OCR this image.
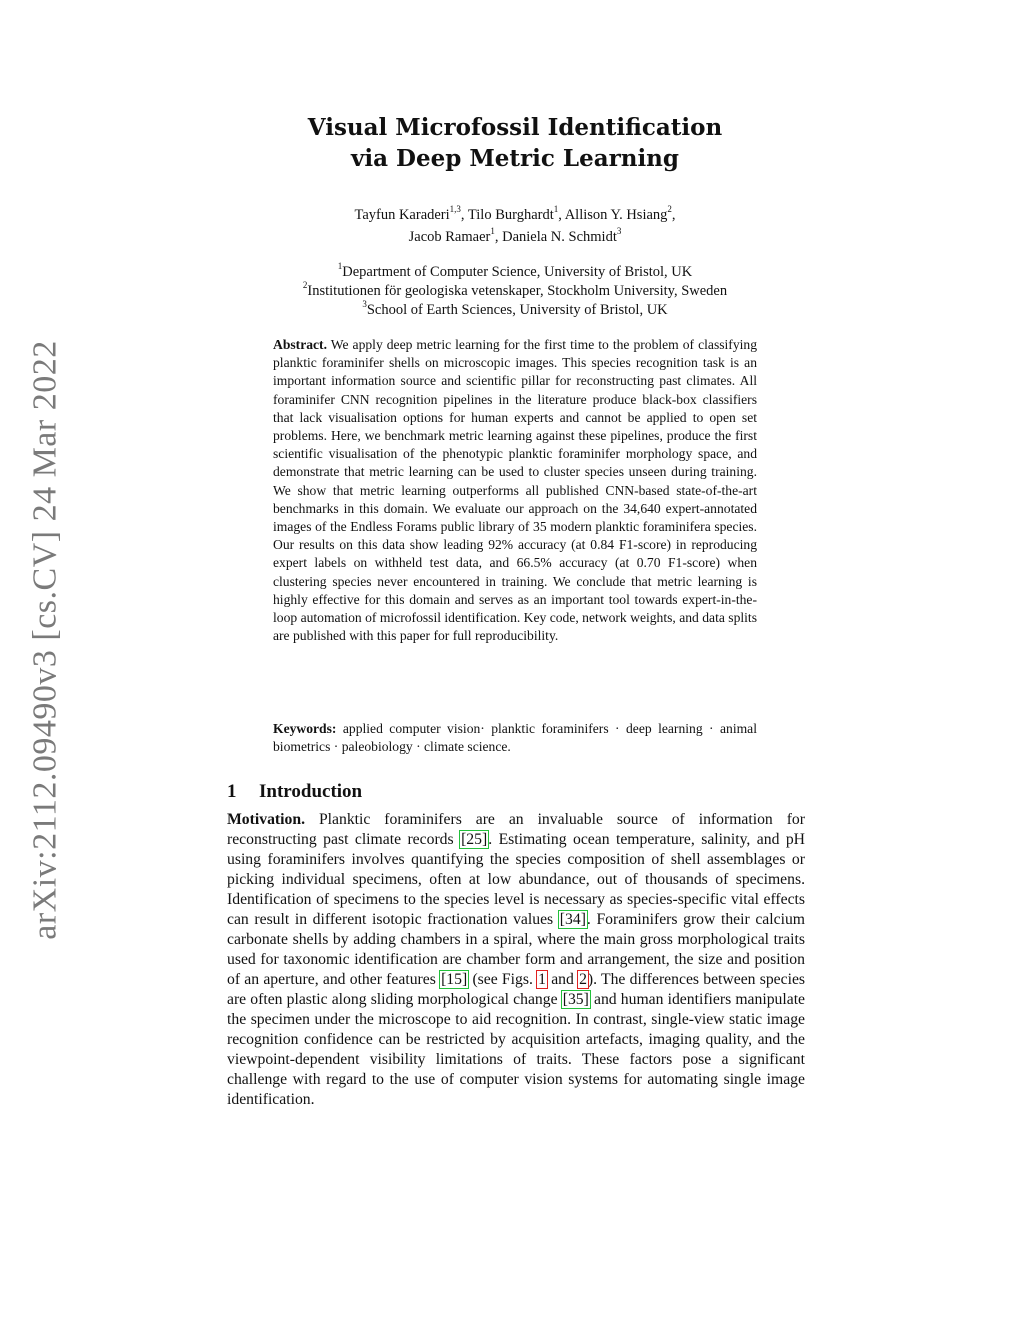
arXiv:2112.09490v3 [cs.CV] 24 Mar 2022
Visual Microfossil Identification
via Deep Metric Learning
Tayfun Karaderi$^{1,3}$, Tilo Burghardt$^1$, Allison Y. Hsiang$^2$,
Jacob Ramaer$^1$, Daniela N. Schmidt$^3$
$^1$Department of Computer Science, University of Bristol, UK
$^2$Institutionen för geologiska vetenskaper, Stockholm University, Sweden
$^3$School of Earth Sciences, University of Bristol, UK
Abstract. We apply deep metric learning for the first time to the problem of classifying planktic foraminifer shells on microscopic images. This species recognition task is an important information source and scientific pillar for reconstructing past climates. All foraminifer CNN recognition pipelines in the literature produce black-box classifiers that lack visualisation options for human experts and cannot be applied to open set problems. Here, we benchmark metric learning against these pipelines, produce the first scientific visualisation of the phenotypic planktic foraminifer morphology space, and demonstrate that metric learning can be used to cluster species unseen during training. We show that metric learning outperforms all published CNN-based state-of-the-art benchmarks in this domain. We evaluate our approach on the 34,640 expert-annotated images of the Endless Forams public library of 35 modern planktic foraminifera species. Our results on this data show leading 92% accuracy (at 0.84 F1-score) in reproducing expert labels on withheld test data, and 66.5% accuracy (at 0.70 F1-score) when clustering species never encountered in training. We conclude that metric learning is highly effective for this domain and serves as an important tool towards expert-in-the-loop automation of microfossil identification. Key code, network weights, and data splits are published with this paper for full reproducibility.
Keywords: applied computer vision· planktic foraminifers · deep learning · animal biometrics · paleobiology · climate science.
1 Introduction
Motivation. Planktic foraminifers are an invaluable source of information for reconstructing past climate records [25]. Estimating ocean temperature, salinity, and pH using foraminifers involves quantifying the species composition of shell assemblages or picking individual specimens, often at low abundance, out of thousands of specimens. Identification of specimens to the species level is necessary as species-specific vital effects can result in different isotopic fractionation values [34]. Foraminifers grow their calcium carbonate shells by adding chambers in a spiral, where the main gross morphological traits used for taxonomic identification are chamber form and arrangement, the size and position of an aperture, and other features [15] (see Figs. 1 and 2). The differences between species are often plastic along sliding morphological change [35] and human identifiers manipulate the specimen under the microscope to aid recognition. In contrast, single-view static image recognition confidence can be restricted by acquisition artefacts, imaging quality, and the viewpoint-dependent visibility limitations of traits. These factors pose a significant challenge with regard to the use of computer vision systems for automating single image identification.
